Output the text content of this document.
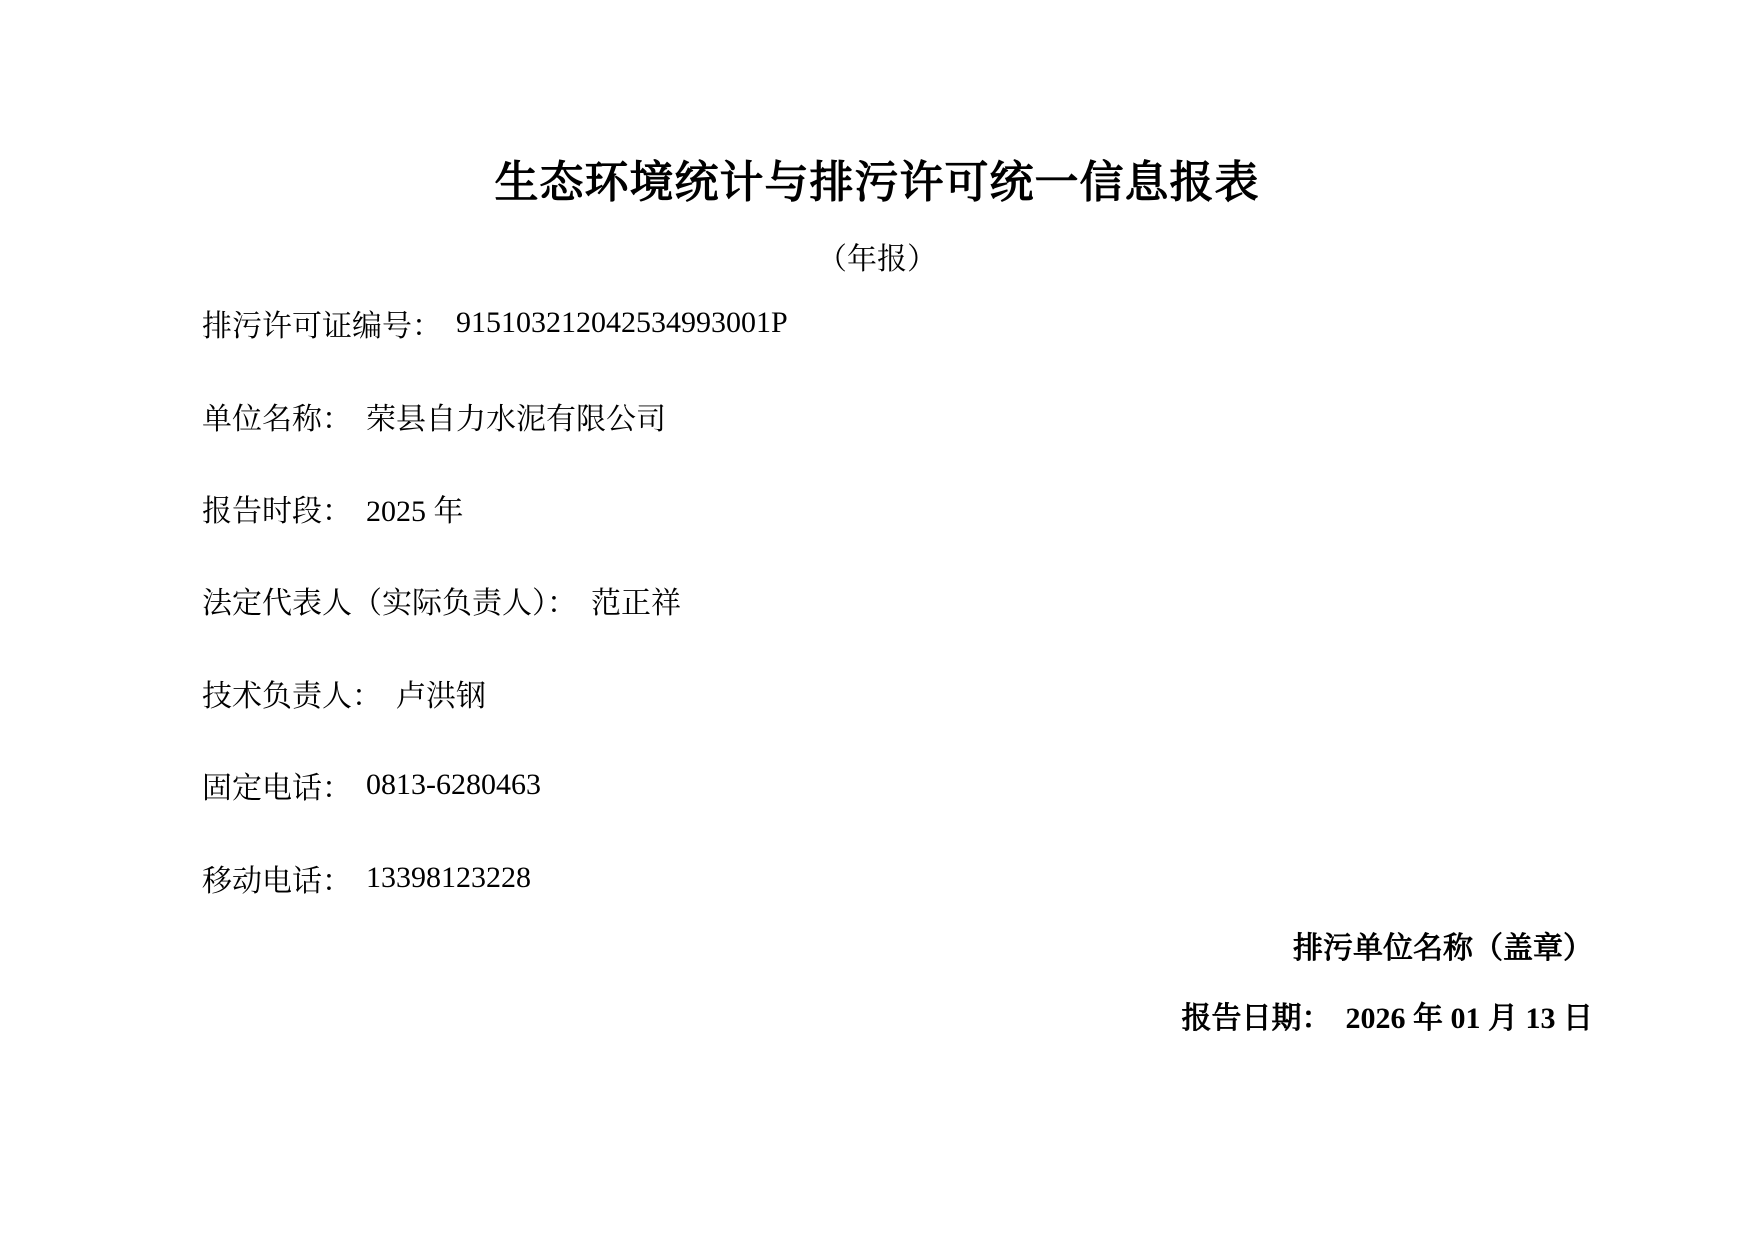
生态环境统计与排污许可统一信息报表
（年报）
排污许可证编号： 915103212042534993001P
单位名称： 荣县自力水泥有限公司
报告时段： 2025 年
法定代表人（实际负责人）： 范正祥
技术负责人： 卢洪钢
固定电话： 0813-6280463
移动电话： 13398123228
排污单位名称（盖章）
报告日期： 2026 年 01 月 13 日
